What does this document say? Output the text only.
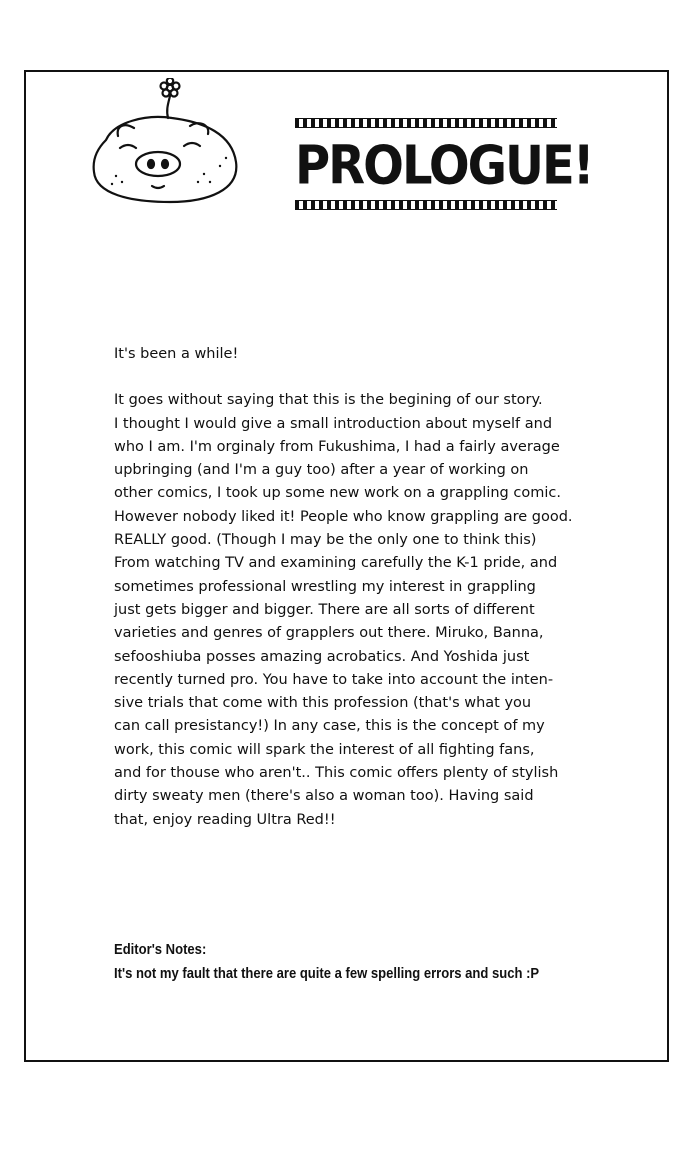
PROLOGUE!

It's been a while!

It goes without saying that this is the begining of our story.

I thought I would give a small introduction about myself and

who I am. I'm orginaly from Fukushima, I had a fairly average

upbringing (and I'm a guy too) after a year of working on

other comics, I took up some new work on a grappling comic.

However nobody liked it! People who know grappling are good.

REALLY good. (Though I may be the only one to think this)

From watching TV and examining carefully the K-1 pride, and

sometimes professional wrestling my interest in grappling

just gets bigger and bigger. There are all sorts of different

varieties and genres of grapplers out there. Miruko, Banna,

sefooshiuba posses amazing acrobatics. And Yoshida just

recently turned pro. You have to take into account the inten-

sive trials that come with this profession (that's what you

can call presistancy!) In any case, this is the concept of my

work, this comic will spark the interest of all fighting fans,

and for thouse who aren't.. This comic offers plenty of stylish

dirty sweaty men (there's also a woman too). Having said

that, enjoy reading Ultra Red!!

Editor's Notes:
It's not my fault that there are quite a few spelling errors and such :P
